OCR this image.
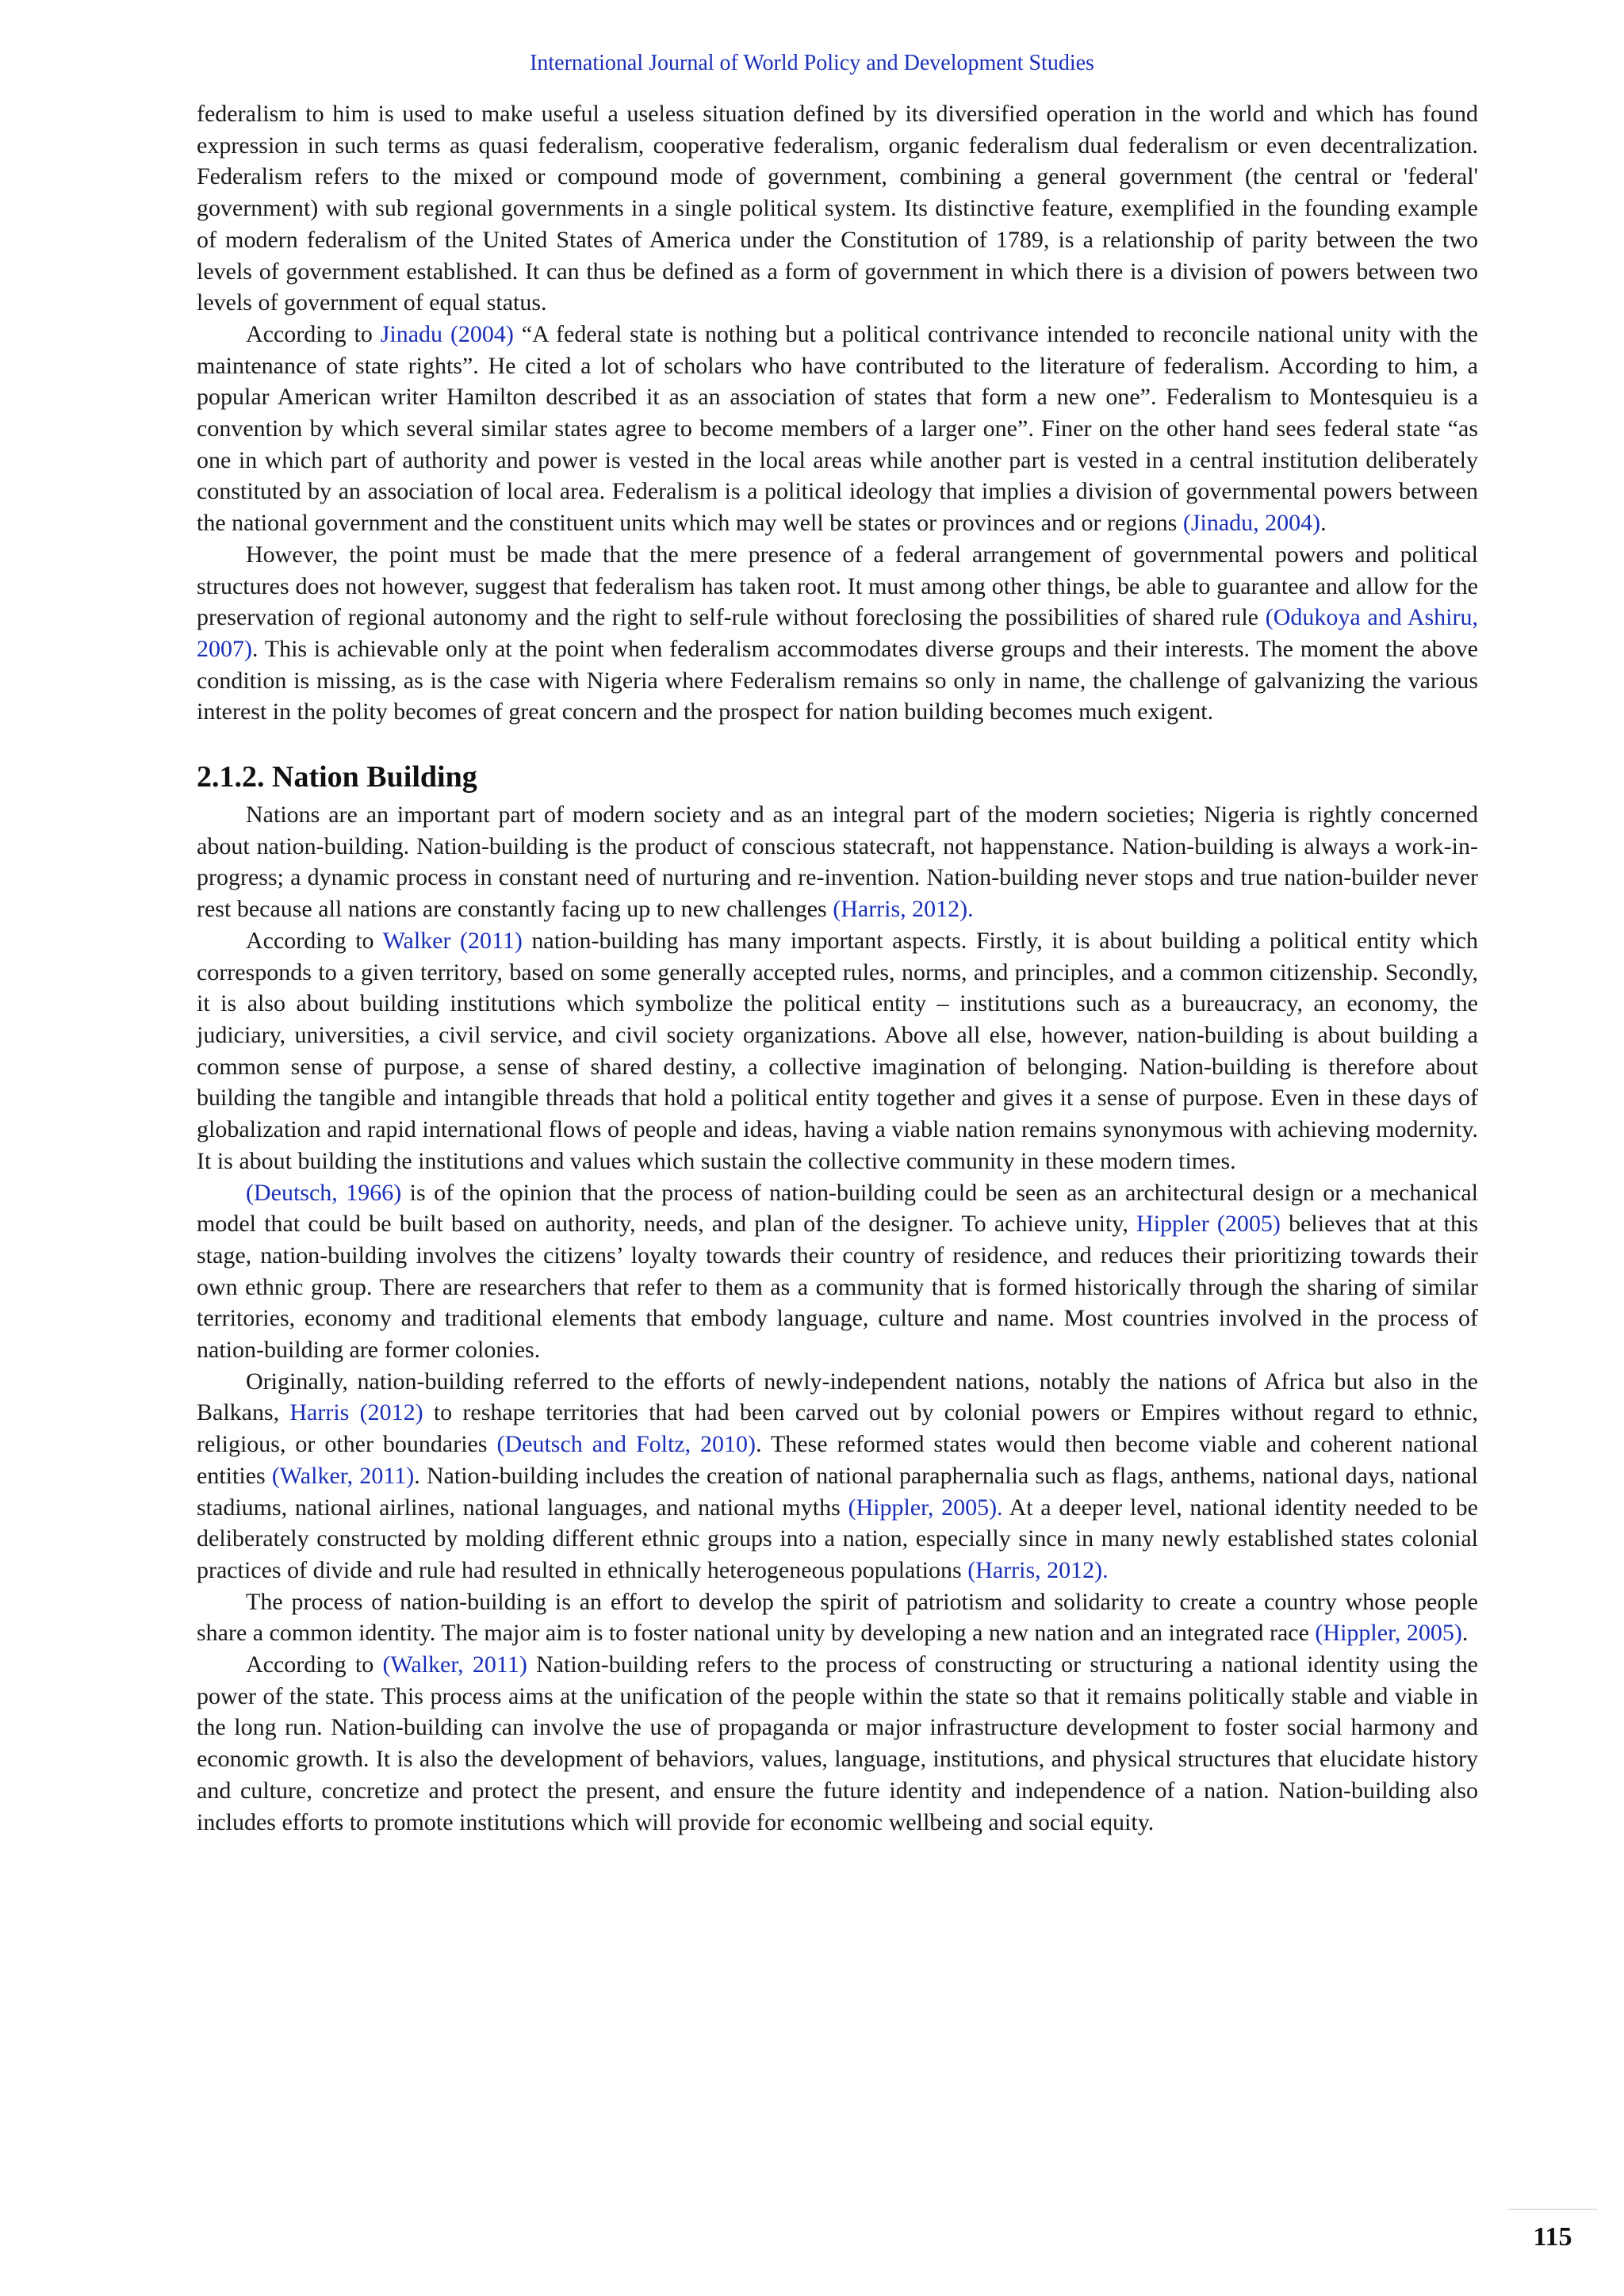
International Journal of World Policy and Development Studies

federalism to him is used to make useful a useless situation defined by its diversified operation in the world and which has found expression in such terms as quasi federalism, cooperative federalism, organic federalism dual federalism or even decentralization. Federalism refers to the mixed or compound mode of government, combining a general government (the central or 'federal' government) with sub regional governments in a single political system. Its distinctive feature, exemplified in the founding example of modern federalism of the United States of America under the Constitution of 1789, is a relationship of parity between the two levels of government established. It can thus be defined as a form of government in which there is a division of powers between two levels of government of equal status.

According to Jinadu (2004) “A federal state is nothing but a political contrivance intended to reconcile national unity with the maintenance of state rights”. He cited a lot of scholars who have contributed to the literature of federalism. According to him, a popular American writer Hamilton described it as an association of states that form a new one”. Federalism to Montesquieu is a convention by which several similar states agree to become members of a larger one”. Finer on the other hand sees federal state “as one in which part of authority and power is vested in the local areas while another part is vested in a central institution deliberately constituted by an association of local area. Federalism is a political ideology that implies a division of governmental powers between the national government and the constituent units which may well be states or provinces and or regions (Jinadu, 2004).

However, the point must be made that the mere presence of a federal arrangement of governmental powers and political structures does not however, suggest that federalism has taken root. It must among other things, be able to guarantee and allow for the preservation of regional autonomy and the right to self-rule without foreclosing the possibilities of shared rule (Odukoya and Ashiru, 2007). This is achievable only at the point when federalism accommodates diverse groups and their interests. The moment the above condition is missing, as is the case with Nigeria where Federalism remains so only in name, the challenge of galvanizing the various interest in the polity becomes of great concern and the prospect for nation building becomes much exigent.

2.1.2. Nation Building

Nations are an important part of modern society and as an integral part of the modern societies; Nigeria is rightly concerned about nation-building. Nation-building is the product of conscious statecraft, not happenstance. Nation-building is always a work-in-progress; a dynamic process in constant need of nurturing and re-invention. Nation-building never stops and true nation-builder never rest because all nations are constantly facing up to new challenges (Harris, 2012).

According to Walker (2011) nation-building has many important aspects. Firstly, it is about building a political entity which corresponds to a given territory, based on some generally accepted rules, norms, and principles, and a common citizenship. Secondly, it is also about building institutions which symbolize the political entity – institutions such as a bureaucracy, an economy, the judiciary, universities, a civil service, and civil society organizations. Above all else, however, nation-building is about building a common sense of purpose, a sense of shared destiny, a collective imagination of belonging. Nation-building is therefore about building the tangible and intangible threads that hold a political entity together and gives it a sense of purpose. Even in these days of globalization and rapid international flows of people and ideas, having a viable nation remains synonymous with achieving modernity. It is about building the institutions and values which sustain the collective community in these modern times.

(Deutsch, 1966) is of the opinion that the process of nation-building could be seen as an architectural design or a mechanical model that could be built based on authority, needs, and plan of the designer. To achieve unity, Hippler (2005) believes that at this stage, nation-building involves the citizens’ loyalty towards their country of residence, and reduces their prioritizing towards their own ethnic group. There are researchers that refer to them as a community that is formed historically through the sharing of similar territories, economy and traditional elements that embody language, culture and name. Most countries involved in the process of nation-building are former colonies.

Originally, nation-building referred to the efforts of newly-independent nations, notably the nations of Africa but also in the Balkans, Harris (2012) to reshape territories that had been carved out by colonial powers or Empires without regard to ethnic, religious, or other boundaries (Deutsch and Foltz, 2010). These reformed states would then become viable and coherent national entities (Walker, 2011). Nation-building includes the creation of national paraphernalia such as flags, anthems, national days, national stadiums, national airlines, national languages, and national myths (Hippler, 2005). At a deeper level, national identity needed to be deliberately constructed by molding different ethnic groups into a nation, especially since in many newly established states colonial practices of divide and rule had resulted in ethnically heterogeneous populations (Harris, 2012).

The process of nation-building is an effort to develop the spirit of patriotism and solidarity to create a country whose people share a common identity. The major aim is to foster national unity by developing a new nation and an integrated race (Hippler, 2005).

According to (Walker, 2011) Nation-building refers to the process of constructing or structuring a national identity using the power of the state. This process aims at the unification of the people within the state so that it remains politically stable and viable in the long run. Nation-building can involve the use of propaganda or major infrastructure development to foster social harmony and economic growth. It is also the development of behaviors, values, language, institutions, and physical structures that elucidate history and culture, concretize and protect the present, and ensure the future identity and independence of a nation. Nation-building also includes efforts to promote institutions which will provide for economic wellbeing and social equity.

115
